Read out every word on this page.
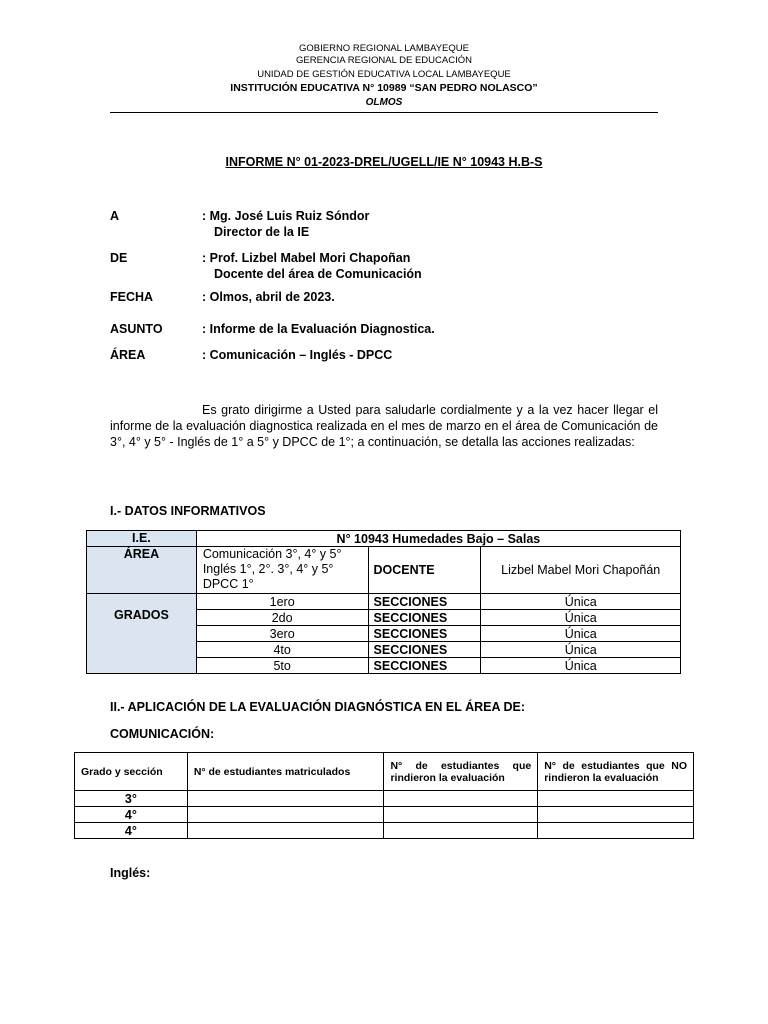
GOBIERNO REGIONAL LAMBAYEQUE
GERENCIA REGIONAL DE EDUCACIÓN
UNIDAD DE GESTIÓN EDUCATIVA LOCAL LAMBAYEQUE
INSTITUCIÓN EDUCATIVA N° 10989 “SAN PEDRO NOLASCO”
OLMOS
INFORME N° 01-2023-DREL/UGELL/IE N° 10943 H.B-S
A	: Mg. José Luis Ruiz Sóndor
Director de la IE
DE	: Prof. Lizbel Mabel Mori Chapoñan
Docente del área de Comunicación
FECHA	: Olmos, abril de 2023.
ASUNTO	: Informe de la Evaluación Diagnostica.
ÁREA	: Comunicación – Inglés - DPCC
Es grato dirigirme a Usted para saludarle cordialmente y a la vez hacer llegar el informe de la evaluación diagnostica realizada en el mes de marzo en el área de Comunicación de 3°, 4° y 5° - Inglés de 1° a 5° y DPCC de 1°; a continuación, se detalla las acciones realizadas:
I.- DATOS INFORMATIVOS
I.E.	N° 10943 Humedades Bajo – Salas		
ÁREA	Comunicación 3°, 4° y 5°
Inglés 1°, 2°. 3°, 4° y 5°
DPCC 1°	DOCENTE	Lizbel Mabel Mori Chapoñán
GRADOS	1ero	SECCIONES	Única
	2do	SECCIONES	Única
	3ero	SECCIONES	Única
	4to	SECCIONES	Única
	5to	SECCIONES	Única
II.- APLICACIÓN DE LA EVALUACIÓN DIAGNÓSTICA EN EL ÁREA DE:
COMUNICACIÓN:
Grado y sección	N° de estudiantes matriculados	N° de estudiantes que rindieron la evaluación	N° de estudiantes que NO rindieron la evaluación
3°			
4°			
4°			
Inglés:
